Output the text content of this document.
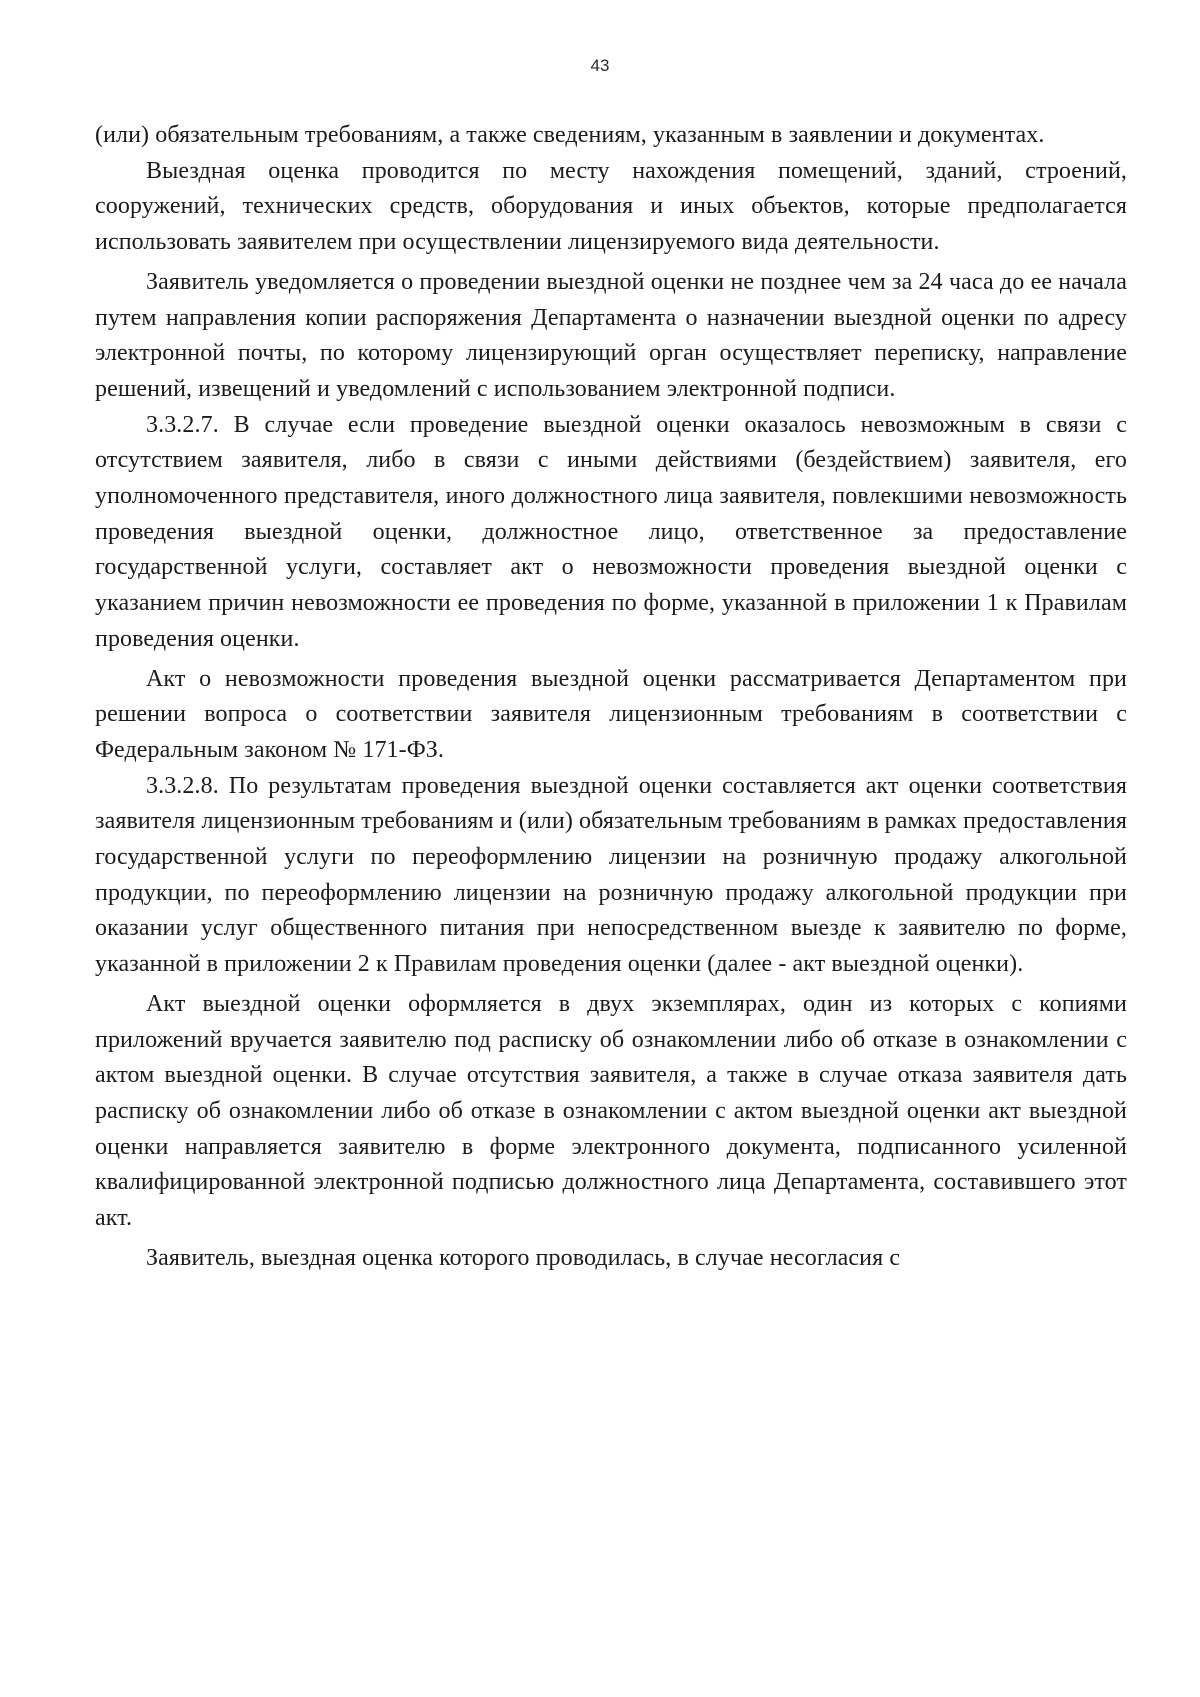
43

(или) обязательным требованиям, а также сведениям, указанным в заявлении и документах.

Выездная оценка проводится по месту нахождения помещений, зданий, строений, сооружений, технических средств, оборудования и иных объектов, которые предполагается использовать заявителем при осуществлении лицензируемого вида деятельности.

Заявитель уведомляется о проведении выездной оценки не позднее чем за 24 часа до ее начала путем направления копии распоряжения Департамента о назначении выездной оценки по адресу электронной почты, по которому лицензирующий орган осуществляет переписку, направление решений, извещений и уведомлений с использованием электронной подписи.

3.3.2.7. В случае если проведение выездной оценки оказалось невозможным в связи с отсутствием заявителя, либо в связи с иными действиями (бездействием) заявителя, его уполномоченного представителя, иного должностного лица заявителя, повлекшими невозможность проведения выездной оценки, должностное лицо, ответственное за предоставление государственной услуги, составляет акт о невозможности проведения выездной оценки с указанием причин невозможности ее проведения по форме, указанной в приложении 1 к Правилам проведения оценки.

Акт о невозможности проведения выездной оценки рассматривается Департаментом при решении вопроса о соответствии заявителя лицензионным требованиям в соответствии с Федеральным законом № 171-ФЗ.

3.3.2.8. По результатам проведения выездной оценки составляется акт оценки соответствия заявителя лицензионным требованиям и (или) обязательным требованиям в рамках предоставления государственной услуги по переоформлению лицензии на розничную продажу алкогольной продукции, по переоформлению лицензии на розничную продажу алкогольной продукции при оказании услуг общественного питания при непосредственном выезде к заявителю по форме, указанной в приложении 2 к Правилам проведения оценки (далее - акт выездной оценки).

Акт выездной оценки оформляется в двух экземплярах, один из которых с копиями приложений вручается заявителю под расписку об ознакомлении либо об отказе в ознакомлении с актом выездной оценки. В случае отсутствия заявителя, а также в случае отказа заявителя дать расписку об ознакомлении либо об отказе в ознакомлении с актом выездной оценки акт выездной оценки направляется заявителю в форме электронного документа, подписанного усиленной квалифицированной электронной подписью должностного лица Департамента, составившего этот акт.

Заявитель, выездная оценка которого проводилась, в случае несогласия с
